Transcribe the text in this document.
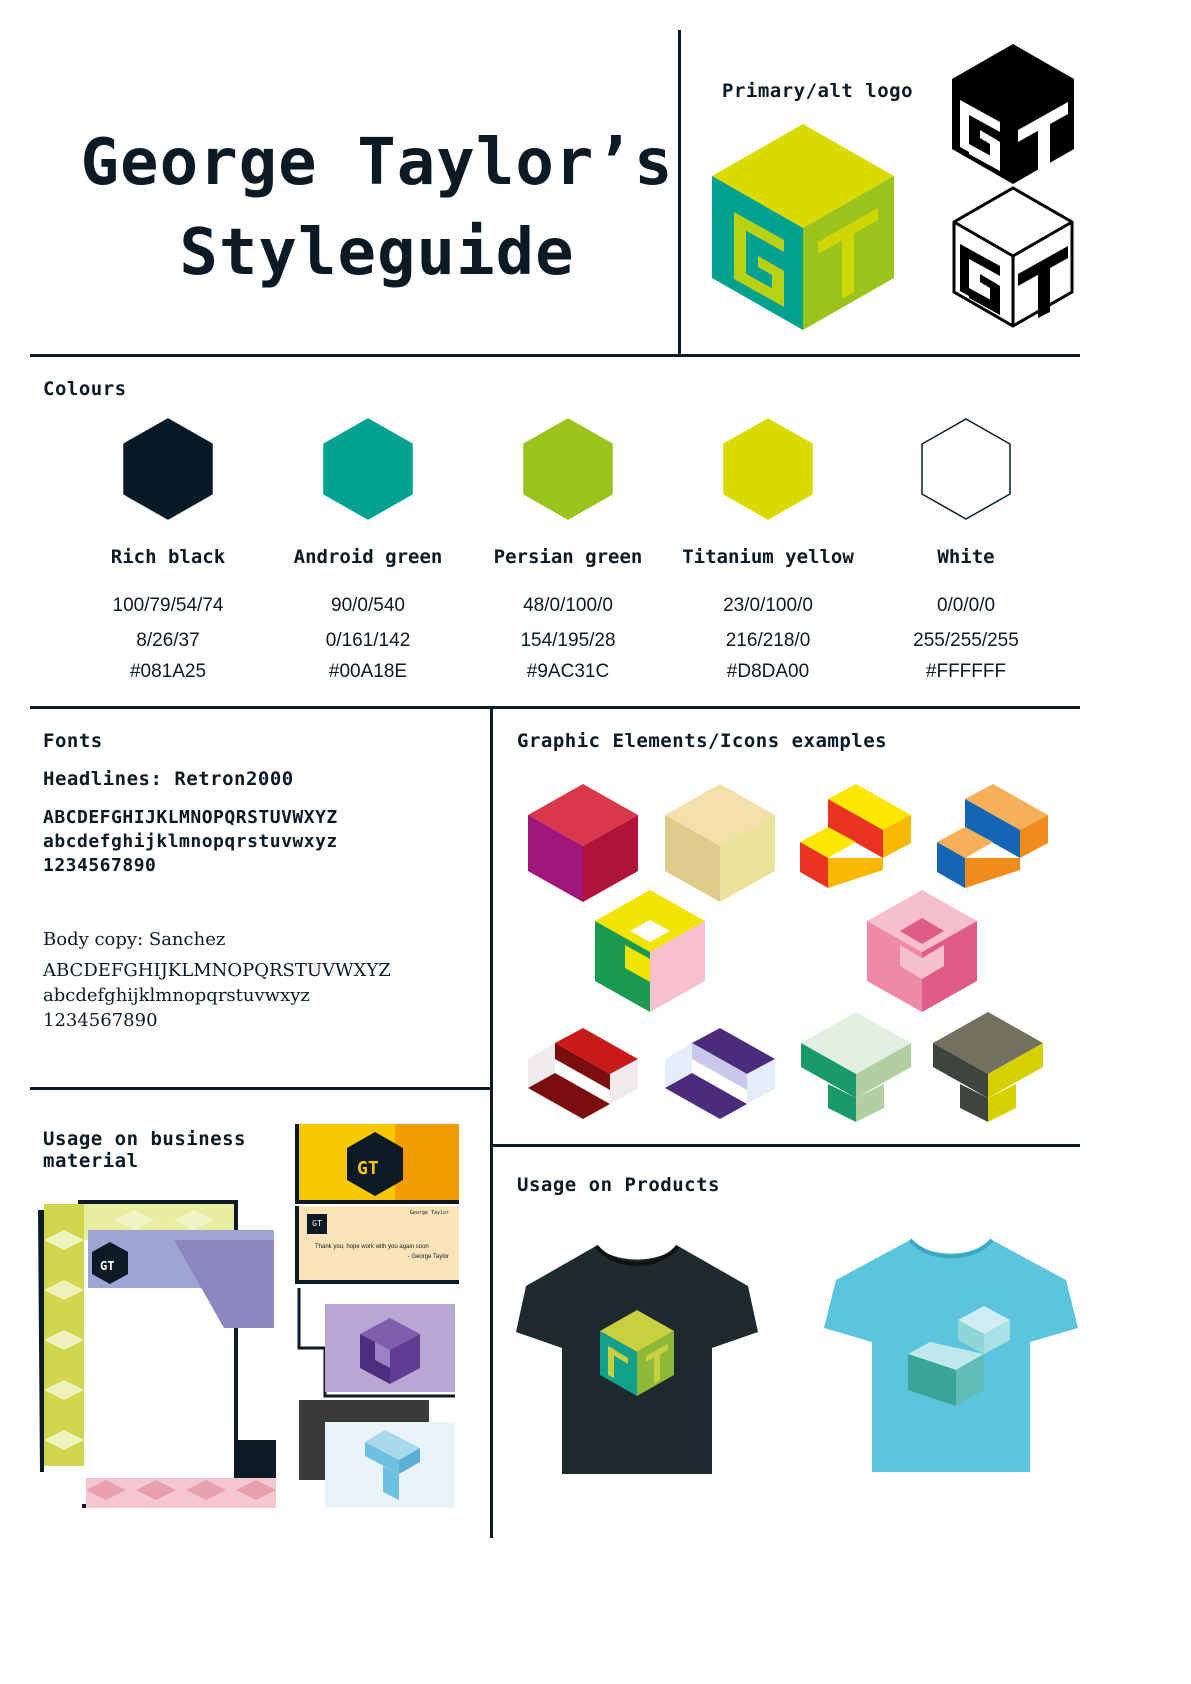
George Taylor’s
Styleguide
Primary/alt logo
Colours
Rich black
100/79/54/74
8/26/37
#081A25
Android green
90/0/540
0/161/142
#00A18E
Persian green
48/0/100/0
154/195/28
#9AC31C
Titanium yellow
23/0/100/0
216/218/0
#D8DA00
White
0/0/0/0
255/255/255
#FFFFFF
Fonts
Headlines: Retron2000
ABCDEFGHIJKLMNOPQRSTUVWXYZ
abcdefghijklmnopqrstuvwxyz
1234567890
Body copy: Sanchez
ABCDEFGHIJKLMNOPQRSTUVWXYZ
abcdefghijklmnopqrstuvwxyz
1234567890
Graphic Elements/Icons examples
Usage on business
material
GT
GT
GT
George Taylor
Thank you, hope work with you again soon
- George Taylor
Usage on Products
